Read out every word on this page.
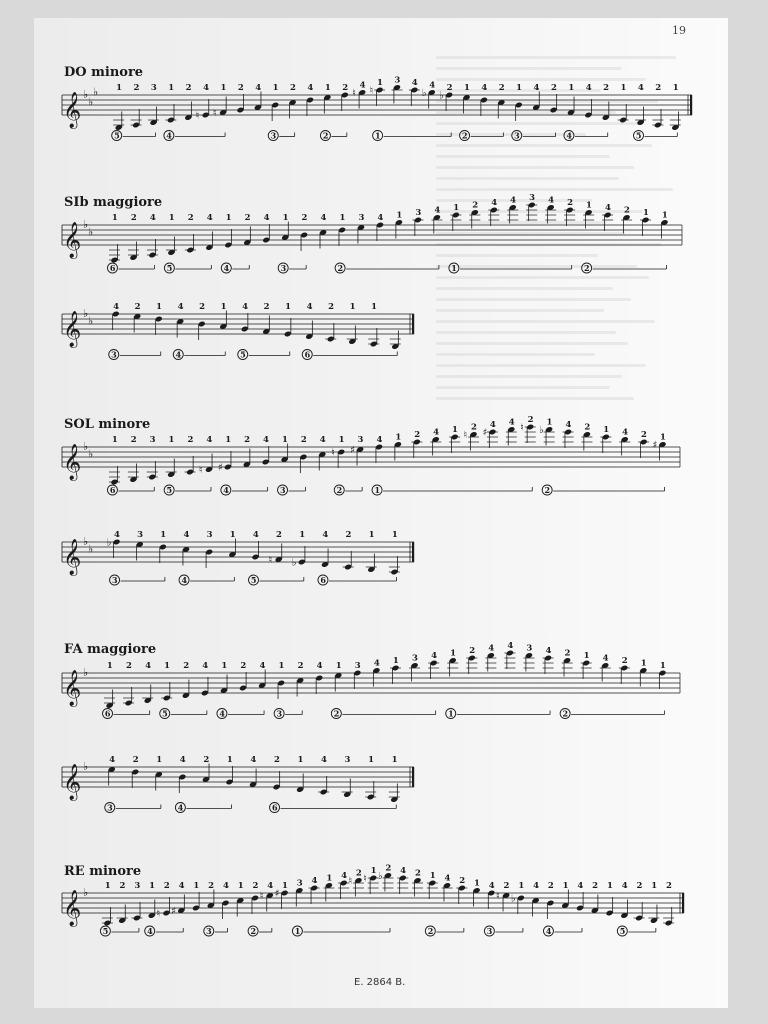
19
DO minore
𝄞 ♭
♭
♭ 1 2 3 1 2
♮
4
♮
1 2 4 1 2 4 1 2 ♮
4 ♮
1 3 4
♭
4
♭
2 1 4 2 1 4 2 1 4 2 1 4 2 1
5	4	3	2	1	2	3	4	5
SIb maggiore
𝄞 ♭
♭
1 2 4 1 2 4 1 2 4 1 2 4 1 3 4 1 3 4 1 2 4 4 3 4 2 1 4 2 1 1
6	5	4	3	2	1	2
𝄞 ♭
♭
4 2 1 4 2 1 4 2 1 4 2 1 1
3	4	5	6
SOL minore
𝄞 ♭
♭
1 2 3 1 2
♮
4
♯
1 2 4 1 2 4
♮
1
♯
3 4 1 2 4 1 ♮
2 ♯
4 4 ♮
2
♭
1 4 2 1 4 2
♯
1
6	5	4	3	2	1	2
𝄞 ♭
♭ ♭
4 3 1 4 3 1 4
♮
2
♭
1 4 2 1 1
3	4	5	6
FA maggiore
𝄞 ♭ 1 2 4 1 2 4 1 2 4 1 2 4 1 3 4 1 3 4 1 2 4 4 3 4 2 1 4 2 1 1
6	5	4	3	2	1	2
𝄞 ♭ 4 2 1 4 2 1 4 2 1 4 3 1 1
3	4	6
RE minore
𝄞 ♭ 1 2 3 1
♮
2
♯
4 1 2 4 1 2
♮
4
♯
1 3 4 1 4 ♮
2 ♮
1 ♭
2 4 2 1 4 2 1 4
♮
2
♭
1 4 2 1 4 2 1 4 2 1 2
5	4	3	2	1	2	3	4	5
E. 2864 B.
